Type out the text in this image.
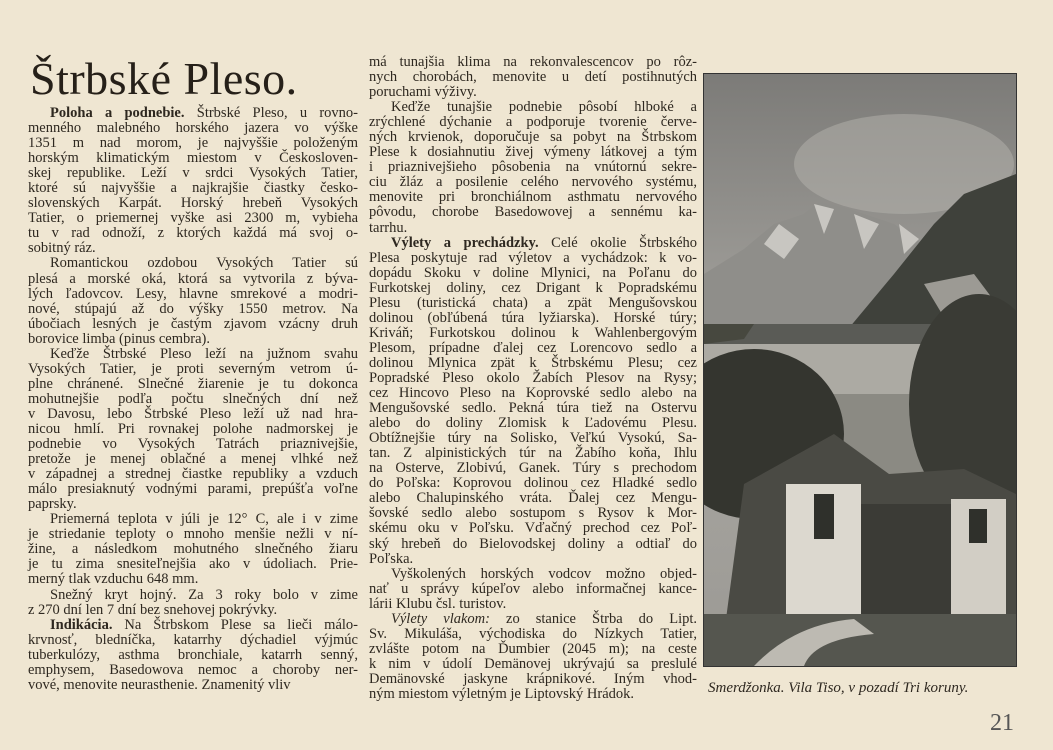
Štrbské Pleso.
Poloha a podnebie. Štrbské Pleso, u rovno-
menného malebného horského jazera vo výške
1351 m nad morom, je najvyššie položeným
horským klimatickým miestom v Českosloven-
skej republike. Leží v srdci Vysokých Tatier,
ktoré sú najvyššie a najkrajšie čiastky česko-
slovenských Karpát. Horský hrebeň Vysokých
Tatier, o priemernej vyške asi 2300 m, vybieha
tu v rad odnoží, z ktorých každá má svoj o-
sobitný ráz.
Romantickou ozdobou Vysokých Tatier sú
plesá a morské oká, ktorá sa vytvorila z býva-
lých ľadovcov. Lesy, hlavne smrekové a modri-
nové, stúpajú až do výšky 1550 metrov. Na
úbočiach lesných je častým zjavom vzácny druh
borovice limba (pinus cembra).
Keďže Štrbské Pleso leží na južnom svahu
Vysokých Tatier, je proti severným vetrom ú-
plne chránené. Slnečné žiarenie je tu dokonca
mohutnejšie podľa počtu slnečných dní než
v Davosu, lebo Štrbské Pleso leží už nad hra-
nicou hmlí. Pri rovnakej polohe nadmorskej je
podnebie vo Vysokých Tatrách priaznivejšie,
pretože je menej oblačné a menej vlhké než
v západnej a strednej čiastke republiky a vzduch
málo presiaknutý vodnými parami, prepúšťa voľne
paprsky.
Priemerná teplota v júli je 12° C, ale i v zime
je striedanie teploty o mnoho menšie nežli v ní-
žine, a následkom mohutného slnečného žiaru
je tu zima snesiteľnejšia ako v údoliach. Prie-
merný tlak vzduchu 648 mm.
Snežný kryt hojný. Za 3 roky bolo v zime
z 270 dní len 7 dní bez snehovej pokrývky.
Indikácia. Na Štrbskom Plese sa lieči málo-
krvnosť, bledníčka, katarrhy dýchadiel výjmúc
tuberkulózy, asthma bronchiale, katarrh senný,
emphysem, Basedowova nemoc a choroby ner-
vové, menovite neurasthenie. Znamenitý vliv
má tunajšia klima na rekonvalescencov po rôz-
nych chorobách, menovite u detí postihnutých
poruchami výživy.
Keďže tunajšie podnebie pôsobí hlboké a
zrýchlené dýchanie a podporuje tvorenie červe-
ných krvienok, doporučuje sa pobyt na Štrbskom
Plese k dosiahnutiu živej výmeny látkovej a tým
i priaznivejšieho pôsobenia na vnútornú sekre-
ciu žláz a posilenie celého nervového systému,
menovite pri bronchiálnom asthmatu nervového
pôvodu, chorobe Basedowovej a sennému ka-
tarrhu.
Výlety a prechádzky. Celé okolie Štrbského
Plesa poskytuje rad výletov a vychádzok: k vo-
dopádu Skoku v doline Mlynici, na Poľanu do
Furkotskej doliny, cez Drigant k Popradskému
Plesu (turistická chata) a zpät Mengušovskou
dolinou (obľúbená túra lyžiarska). Horské túry;
Kriváň; Furkotskou dolinou k Wahlenbergovým
Plesom, prípadne ďalej cez Lorencovo sedlo a
dolinou Mlynica zpät k Štrbskému Plesu; cez
Popradské Pleso okolo Žabích Plesov na Rysy;
cez Hincovo Pleso na Koprovské sedlo alebo na
Mengušovské sedlo. Pekná túra tiež na Ostervu
alebo do doliny Zlomisk k Ľadovému Plesu.
Obtížnejšie túry na Solisko, Veľkú Vysokú, Sa-
tan. Z alpinistických túr na Žabího koňa, Ihlu
na Osterve, Zlobivú, Ganek. Túry s prechodom
do Poľska: Koprovou dolinou cez Hladké sedlo
alebo Chalupinského vráta. Ďalej cez Mengu-
šovské sedlo alebo sostupom s Rysov k Mor-
skému oku v Poľsku. Vďačný prechod cez Poľ-
ský hrebeň do Bielovodskej doliny a odtiaľ do
Poľska.
Vyškolených horských vodcov možno objed-
nať u správy kúpeľov alebo informačnej kance-
lárii Klubu čsl. turistov.
Výlety vlakom: zo stanice Štrba do Lipt.
Sv. Mikuláša, východiska do Nízkych Tatier,
zvlášte potom na Ďumbier (2045 m); na ceste
k nim v údolí Demänovej ukrývajú sa preslulé
Demänovské jaskyne krápnikové. Iným vhod-
ným miestom výletným je Liptovský Hrádok.	Smerdžonka. Vila Tiso, v pozadí Tri koruny.
21
